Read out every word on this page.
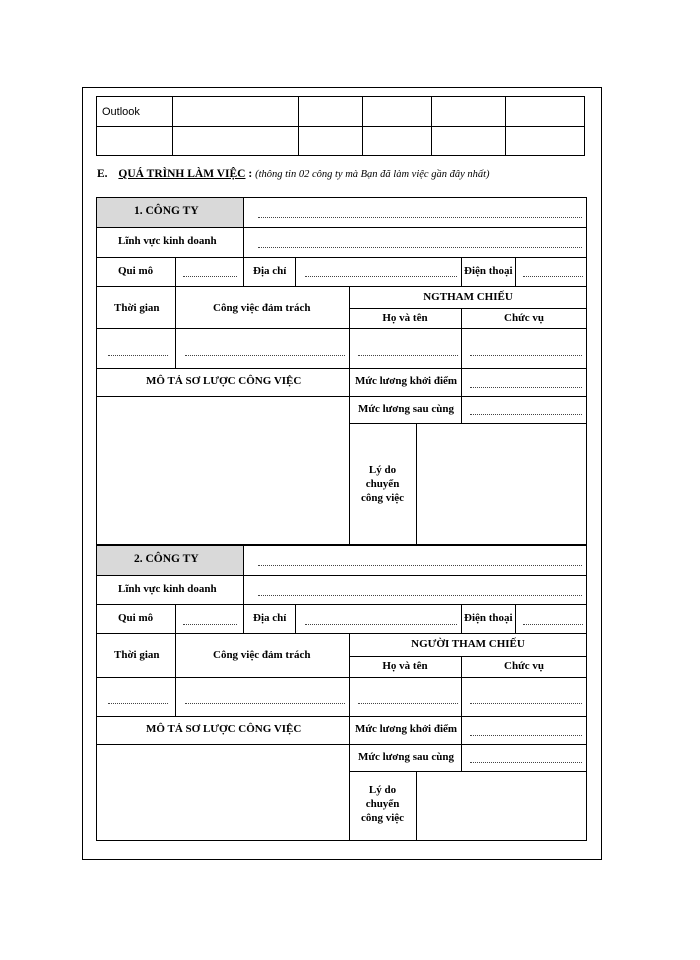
Outlook
E. QUÁ TRÌNH LÀM VIỆC : (thông tin 02 công ty mà Bạn đã làm việc gần đây nhất)
1. CÔNG TY
Lĩnh vực kinh doanh
Qui mô	Địa chỉ	Điện thoại
Thời gian	Công việc đảm trách
NGTHAM CHIẾU
Họ và tên	Chức vụ
MÔ TẢ SƠ LƯỢC CÔNG VIỆC	Mức lương khởi điểm
Mức lương sau cùng
Lý do
chuyển
công việc
2. CÔNG TY
Lĩnh vực kinh doanh
Qui mô	Địa chỉ	Điện thoại
Thời gian	Công việc đảm trách
NGƯỜI THAM CHIẾU
Họ và tên	Chức vụ
MÔ TẢ SƠ LƯỢC CÔNG VIỆC	Mức lương khởi điểm
Mức lương sau cùng
Lý do
chuyển
công việc
